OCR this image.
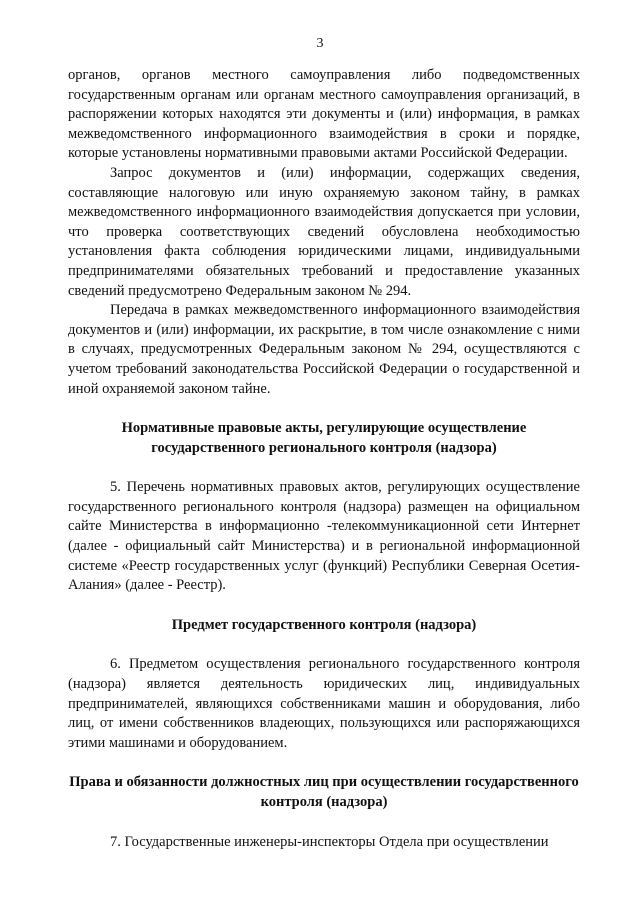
3

органов, органов местного самоуправления либо подведомственных государственным органам или органам местного самоуправления организаций, в распоряжении которых находятся эти документы и (или) информация, в рамках межведомственного информационного взаимодействия в сроки и порядке, которые установлены нормативными правовыми актами Российской Федерации.

Запрос документов и (или) информации, содержащих сведения, составляющие налоговую или иную охраняемую законом тайну, в рамках межведомственного информационного взаимодействия допускается при условии, что проверка соответствующих сведений обусловлена необходимостью установления факта соблюдения юридическими лицами, индивидуальными предпринимателями обязательных требований и предоставление указанных сведений предусмотрено Федеральным законом № 294.

Передача в рамках межведомственного информационного взаимодействия документов и (или) информации, их раскрытие, в том числе ознакомление с ними в случаях, предусмотренных Федеральным законом № 294, осуществляются с учетом требований законодательства Российской Федерации о государственной и иной охраняемой законом тайне.

Нормативные правовые акты, регулирующие осуществление государственного регионального контроля (надзора)

5. Перечень нормативных правовых актов, регулирующих осуществление государственного регионального контроля (надзора) размещен на официальном сайте Министерства в информационно -телекоммуникационной сети Интернет (далее - официальный сайт Министерства) и в региональной информационной системе «Реестр государственных услуг (функций) Республики Северная Осетия-Алания» (далее - Реестр).

Предмет государственного контроля (надзора)

6. Предметом осуществления регионального государственного контроля (надзора) является деятельность юридических лиц, индивидуальных предпринимателей, являющихся собственниками машин и оборудования, либо лиц, от имени собственников владеющих, пользующихся или распоряжающихся этими машинами и оборудованием.

Права и обязанности должностных лиц при осуществлении государственного контроля (надзора)

7. Государственные инженеры-инспекторы Отдела при осуществлении
